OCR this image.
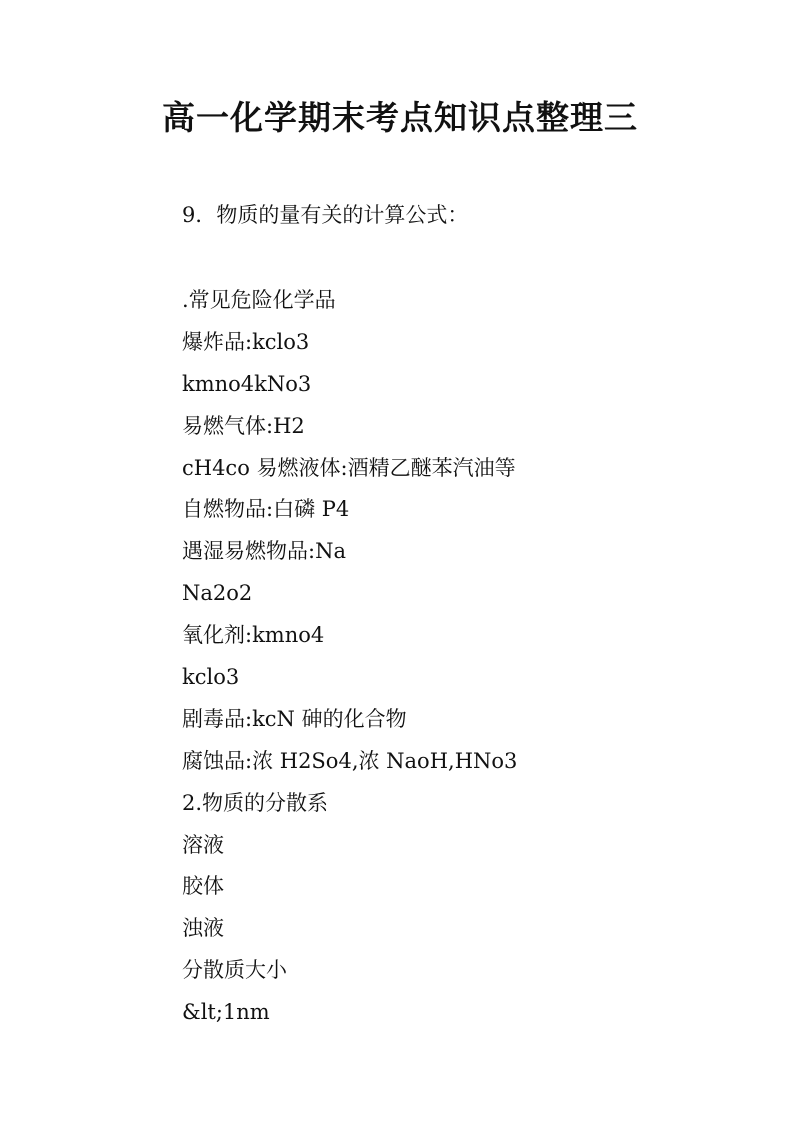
高一化学期末考点知识点整理三

9．物质的量有关的计算公式：

.常见危险化学品
爆炸品:kclo3
kmno4kNo3
易燃气体:H2
cH4co 易燃液体:酒精乙醚苯汽油等
自燃物品:白磷 P4
遇湿易燃物品:Na
Na2o2
氧化剂:kmno4
kclo3
剧毒品:kcN 砷的化合物
腐蚀品:浓 H2So4,浓 NaoH,HNo3
2.物质的分散系
溶液
胶体
浊液
分散质大小
&lt;1nm
